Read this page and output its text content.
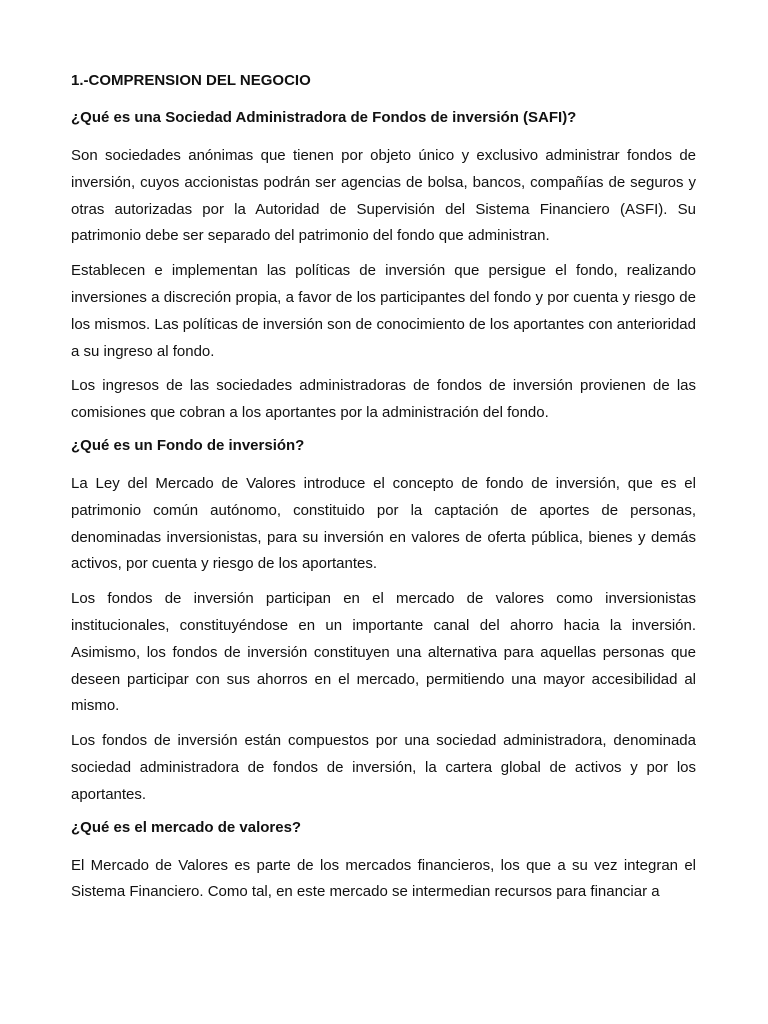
1.-COMPRENSION DEL NEGOCIO
¿Qué es una Sociedad Administradora de Fondos de inversión (SAFI)?

Son sociedades anónimas que tienen por objeto único y exclusivo administrar fondos de inversión, cuyos accionistas podrán ser agencias de bolsa, bancos, compañías de seguros y otras autorizadas por la Autoridad de Supervisión del Sistema Financiero (ASFI). Su patrimonio debe ser separado del patrimonio del fondo que administran.

Establecen e implementan las políticas de inversión que persigue el fondo, realizando inversiones a discreción propia, a favor de los participantes del fondo y por cuenta y riesgo de los mismos. Las políticas de inversión son de conocimiento de los aportantes con anterioridad a su ingreso al fondo.

Los ingresos de las sociedades administradoras de fondos de inversión provienen de las comisiones que cobran a los aportantes por la administración del fondo.

¿Qué es un Fondo de inversión?

La Ley del Mercado de Valores introduce el concepto de fondo de inversión, que es el patrimonio común autónomo, constituido por la captación de aportes de personas, denominadas inversionistas, para su inversión en valores de oferta pública, bienes y demás activos, por cuenta y riesgo de los aportantes.

Los fondos de inversión participan en el mercado de valores como inversionistas institucionales, constituyéndose en un importante canal del ahorro hacia la inversión. Asimismo, los fondos de inversión constituyen una alternativa para aquellas personas que deseen participar con sus ahorros en el mercado, permitiendo una mayor accesibilidad al mismo.

Los fondos de inversión están compuestos por una sociedad administradora, denominada sociedad administradora de fondos de inversión, la cartera global de activos y por los aportantes.

¿Qué es el mercado de valores?

El Mercado de Valores es parte de los mercados financieros, los que a su vez integran el Sistema Financiero. Como tal, en este mercado se intermedian recursos para financiar a
